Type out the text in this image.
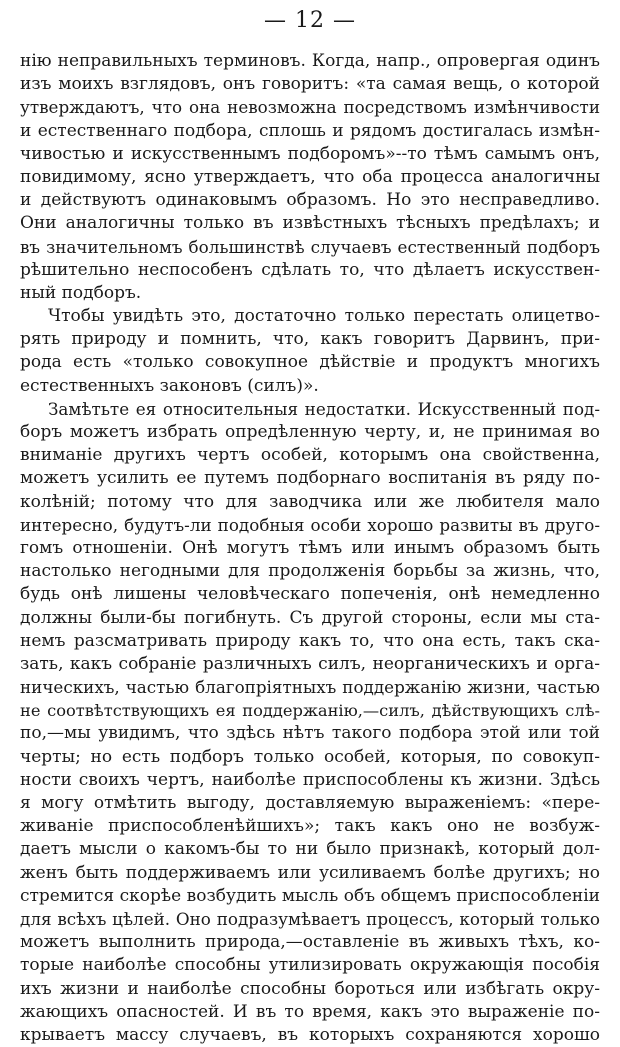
— 12 —
нію неправильныхъ терминовъ. Когда, напр., опровергая одинъ
изъ моихъ взглядовъ, онъ говоритъ: «та самая вещь, о которой
утверждаютъ, что она невозможна посредствомъ измѣнчивости
и естественнаго подбора, сплошь и рядомъ достигалась измѣн-
чивостью и искусственнымъ подборомъ»--то тѣмъ самымъ онъ,
повидимому, ясно утверждаетъ, что оба процесса аналогичны
и действуютъ одинаковымъ образомъ. Но это несправедливо.
Они аналогичны только въ извѣстныхъ тѣсныхъ предѣлахъ; и
въ значительномъ большинствѣ случаевъ естественный подборъ
рѣшительно неспособенъ сдѣлать то, что дѣлаетъ искусствен-
ный подборъ.
Чтобы увидѣть это, достаточно только перестать олицетво-
рять природу и помнить, что, какъ говоритъ Дарвинъ, при-
рода есть «только совокупное дѣйствіе и продуктъ многихъ
естественныхъ законовъ (силъ)».
Замѣтьте ея относительныя недостатки. Искусственный под-
боръ можетъ избрать опредѣленную черту, и, не принимая во
вниманіе другихъ чертъ особей, которымъ она свойственна,
можетъ усилить ее путемъ подборнаго воспитанія въ ряду по-
колѣній; потому что для заводчика или же любителя мало
интересно, будутъ-ли подобныя особи хорошо развиты въ друго-
гомъ отношеніи. Онѣ могутъ тѣмъ или инымъ образомъ быть
настолько негодными для продолженія борьбы за жизнь, что,
будь онѣ лишены человѣческаго попеченія, онѣ немедленно
должны были-бы погибнуть. Съ другой стороны, если мы ста-
немъ разсматривать природу какъ то, что она есть, такъ ска-
зать, какъ собраніе различныхъ силъ, неорганическихъ и орга-
ническихъ, частью благопріятныхъ поддержанію жизни, частью
не соотвѣтствующихъ ея поддержанію,—силъ, дѣйствующихъ слѣ-
по,—мы увидимъ, что здѣсь нѣтъ такого подбора этой или той
черты; но есть подборъ только особей, которыя, по совокуп-
ности своихъ чертъ, наиболѣе приспособлены къ жизни. Здѣсь
я могу отмѣтить выгоду, доставляемую выраженіемъ: «пере-
живаніе приспособленѣйшихъ»; такъ какъ оно не возбуж-
даетъ мысли о какомъ-бы то ни было признакѣ, который дол-
женъ быть поддерживаемъ или усиливаемъ болѣе другихъ; но
стремится скорѣе возбудить мысль объ общемъ приспособленіи
для всѣхъ цѣлей. Оно подразумѣваетъ процессъ, который только
можетъ выполнить природа,—оставленіе въ живыхъ тѣхъ, ко-
торые наиболѣе способны утилизировать окружающія пособія
ихъ жизни и наиболѣе способны бороться или избѣгать окру-
жающихъ опасностей. И въ то время, какъ это выраженіе по-
крываетъ массу случаевъ, въ которыхъ сохраняются хорошо
